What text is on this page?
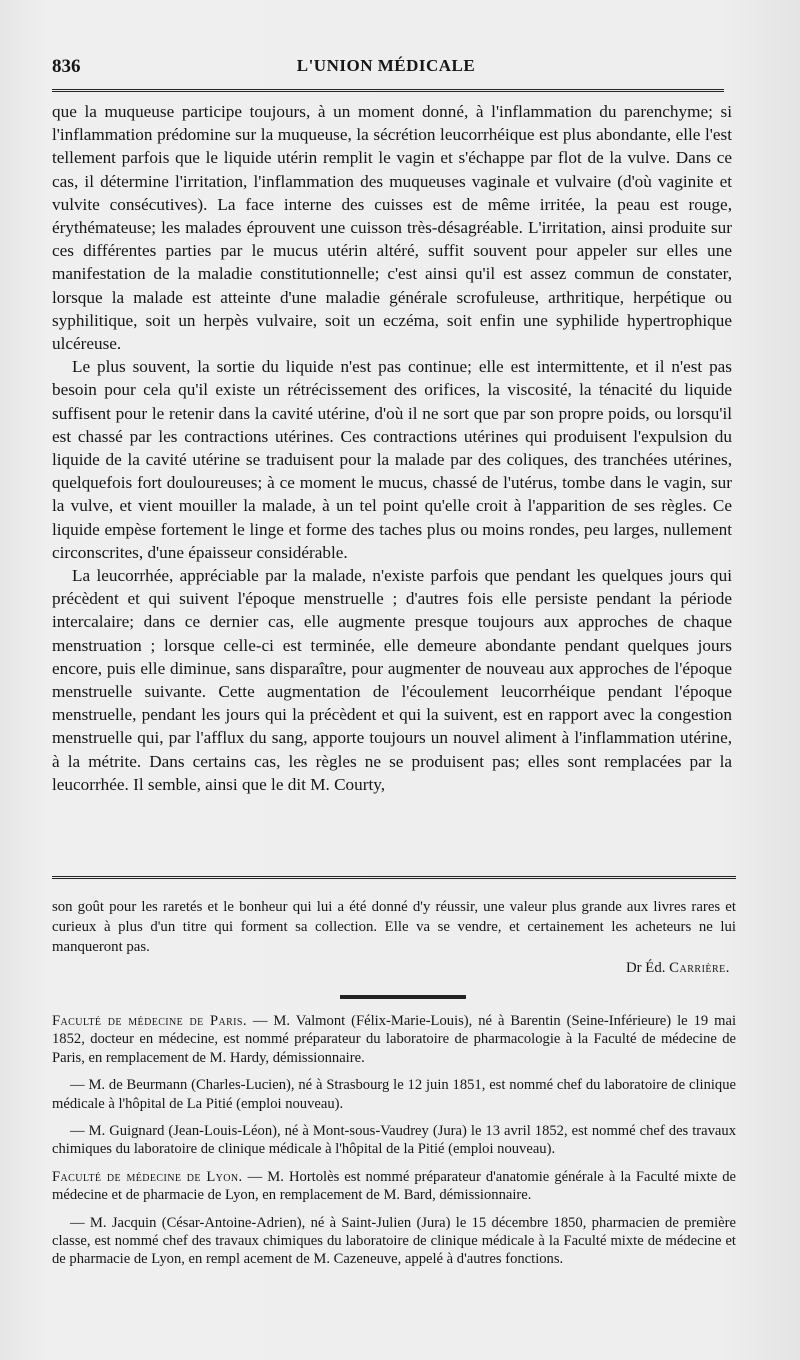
836	L'UNION MÉDICALE

que la muqueuse participe toujours, à un moment donné, à l'inflammation du parenchyme; si l'inflammation prédomine sur la muqueuse, la sécrétion leucorrhéique est plus abondante, elle l'est tellement parfois que le liquide utérin remplit le vagin et s'échappe par flot de la vulve. Dans ce cas, il détermine l'irritation, l'inflammation des muqueuses vaginale et vulvaire (d'où vaginite et vulvite consécutives). La face interne des cuisses est de même irritée, la peau est rouge, érythémateuse; les malades éprouvent une cuisson très-désagréable. L'irritation, ainsi produite sur ces différentes parties par le mucus utérin altéré, suffit souvent pour appeler sur elles une manifestation de la maladie constitutionnelle; c'est ainsi qu'il est assez commun de constater, lorsque la malade est atteinte d'une maladie générale scrofuleuse, arthritique, herpétique ou syphilitique, soit un herpès vulvaire, soit un eczéma, soit enfin une syphilide hypertrophique ulcéreuse.

Le plus souvent, la sortie du liquide n'est pas continue; elle est intermittente, et il n'est pas besoin pour cela qu'il existe un rétrécissement des orifices, la viscosité, la ténacité du liquide suffisent pour le retenir dans la cavité utérine, d'où il ne sort que par son propre poids, ou lorsqu'il est chassé par les contractions utérines. Ces contractions utérines qui produisent l'expulsion du liquide de la cavité utérine se traduisent pour la malade par des coliques, des tranchées utérines, quelquefois fort douloureuses; à ce moment le mucus, chassé de l'utérus, tombe dans le vagin, sur la vulve, et vient mouiller la malade, à un tel point qu'elle croit à l'apparition de ses règles. Ce liquide empèse fortement le linge et forme des taches plus ou moins rondes, peu larges, nullement circonscrites, d'une épaisseur considérable.

La leucorrhée, appréciable par la malade, n'existe parfois que pendant les quelques jours qui précèdent et qui suivent l'époque menstruelle ; d'autres fois elle persiste pendant la période intercalaire; dans ce dernier cas, elle augmente presque toujours aux approches de chaque menstruation ; lorsque celle-ci est terminée, elle demeure abondante pendant quelques jours encore, puis elle diminue, sans disparaître, pour augmenter de nouveau aux approches de l'époque menstruelle suivante. Cette augmentation de l'écoulement leucorrhéique pendant l'époque menstruelle, pendant les jours qui la précèdent et qui la suivent, est en rapport avec la congestion menstruelle qui, par l'afflux du sang, apporte toujours un nouvel aliment à l'inflammation utérine, à la métrite. Dans certains cas, les règles ne se produisent pas; elles sont remplacées par la leucorrhée. Il semble, ainsi que le dit M. Courty,

son goût pour les raretés et le bonheur qui lui a été donné d'y réussir, une valeur plus grande aux livres rares et curieux à plus d'un titre qui forment sa collection. Elle va se vendre, et certainement les acheteurs ne lui manqueront pas.

Dr Éd. Carrière.

Faculté de médecine de Paris. — M. Valmont (Félix-Marie-Louis), né à Barentin (Seine-Inférieure) le 19 mai 1852, docteur en médecine, est nommé préparateur du laboratoire de pharmacologie à la Faculté de médecine de Paris, en remplacement de M. Hardy, démissionnaire.

— M. de Beurmann (Charles-Lucien), né à Strasbourg le 12 juin 1851, est nommé chef du laboratoire de clinique médicale à l'hôpital de La Pitié (emploi nouveau).

— M. Guignard (Jean-Louis-Léon), né à Mont-sous-Vaudrey (Jura) le 13 avril 1852, est nommé chef des travaux chimiques du laboratoire de clinique médicale à l'hôpital de la Pitié (emploi nouveau).

Faculté de médecine de Lyon. — M. Hortolès est nommé préparateur d'anatomie générale à la Faculté mixte de médecine et de pharmacie de Lyon, en remplacement de M. Bard, démissionnaire.

— M. Jacquin (César-Antoine-Adrien), né à Saint-Julien (Jura) le 15 décembre 1850, pharmacien de première classe, est nommé chef des travaux chimiques du laboratoire de clinique médicale à la Faculté mixte de médecine et de pharmacie de Lyon, en rempl acement de M. Cazeneuve, appelé à d'autres fonctions.
